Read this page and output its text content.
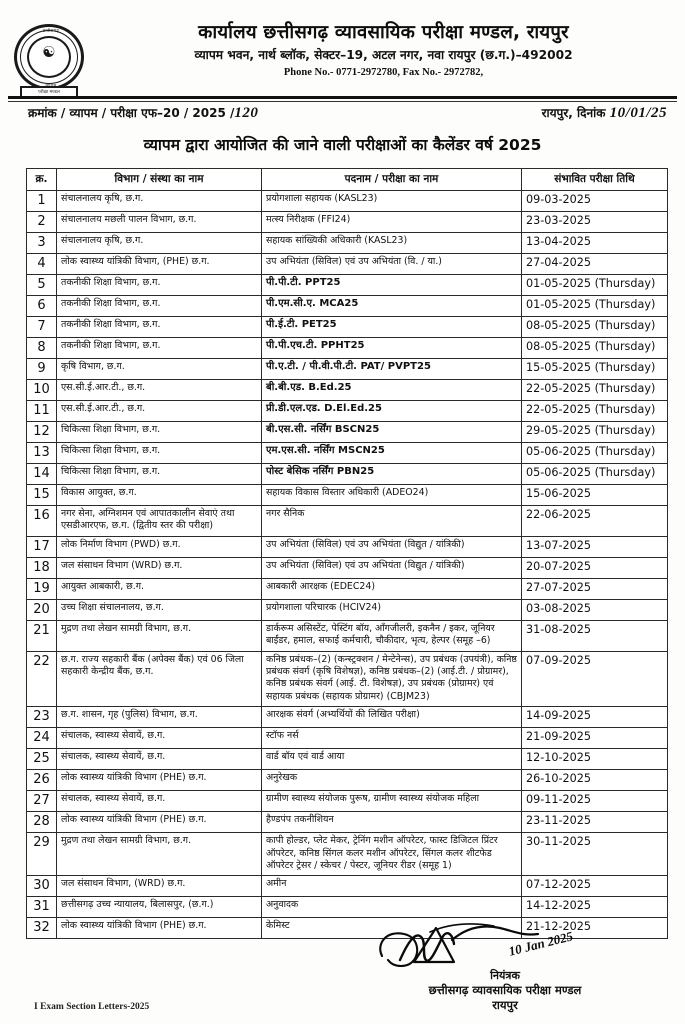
छत्तीसगढ़
☯
परीक्षा मण्डल
कार्यालय छत्तीसगढ़ व्यावसायिक परीक्षा मण्डल, रायपुर
व्यापम भवन, नार्थ ब्लॉक, सेक्टर–19, अटल नगर, नवा रायपुर (छ.ग.)–492002
Phone No.- 0771-2972780, Fax No.- 2972782,
क्रमांक / व्यापम / परीक्षा एफ–20 / 2025 /120	रायपुर, दिनांक 10/01/25
व्यापम द्वारा आयोजित की जाने वाली परीक्षाओं का कैलेंडर वर्ष 2025
क्र.	विभाग / संस्था का नाम	पदनाम / परीक्षा का नाम	संभावित परीक्षा तिथि
1	संचालनालय कृषि, छ.ग.	प्रयोगशाला सहायक (KASL23)	09-03-2025
2	संचालनालय मछली पालन विभाग, छ.ग.	मत्स्य निरीक्षक (FFI24)	23-03-2025
3	संचालनालय कृषि, छ.ग.	सहायक सांख्यिकी अधिकारी (KASL23)	13-04-2025
4	लोक स्वास्थ्य यांत्रिकी विभाग, (PHE) छ.ग.	उप अभियंता (सिविल) एवं उप अभियंता (वि. / या.)	27-04-2025
5	तकनीकी शिक्षा विभाग, छ.ग.	पी.पी.टी. PPT25	01-05-2025 (Thursday)
6	तकनीकी शिक्षा विभाग, छ.ग.	पी.एम.सी.ए. MCA25	01-05-2025 (Thursday)
7	तकनीकी शिक्षा विभाग, छ.ग.	पी.ई.टी. PET25	08-05-2025 (Thursday)
8	तकनीकी शिक्षा विभाग, छ.ग.	पी.पी.एच.टी. PPHT25	08-05-2025 (Thursday)
9	कृषि विभाग, छ.ग.	पी.ए.टी. / पी.वी.पी.टी. PAT/ PVPT25	15-05-2025 (Thursday)
10	एस.सी.ई.आर.टी., छ.ग.	बी.बी.एड. B.Ed.25	22-05-2025 (Thursday)
11	एस.सी.ई.आर.टी., छ.ग.	प्री.डी.एल.एड. D.El.Ed.25	22-05-2025 (Thursday)
12	चिकित्सा शिक्षा विभाग, छ.ग.	बी.एस.सी. नर्सिंग BSCN25	29-05-2025 (Thursday)
13	चिकित्सा शिक्षा विभाग, छ.ग.	एम.एस.सी. नर्सिंग MSCN25	05-06-2025 (Thursday)
14	चिकित्सा शिक्षा विभाग, छ.ग.	पोस्ट बेसिक नर्सिंग PBN25	05-06-2025 (Thursday)
15	विकास आयुक्त, छ.ग.	सहायक विकास विस्तार अधिकारी (ADEO24)	15-06-2025
16	नगर सेना, अग्निशमन एवं आपातकालीन सेवाएं तथा एसडीआरएफ, छ.ग. (द्वितीय स्तर की परीक्षा)	नगर सैनिक	22-06-2025
17	लोक निर्माण विभाग (PWD) छ.ग.	उप अभियंता (सिविल) एवं उप अभियंता (विद्युत / यांत्रिकी)	13-07-2025
18	जल संसाधन विभाग (WRD) छ.ग.	उप अभियंता (सिविल) एवं उप अभियंता (विद्युत / यांत्रिकी)	20-07-2025
19	आयुक्त आबकारी, छ.ग.	आबकारी आरक्षक (EDEC24)	27-07-2025
20	उच्च शिक्षा संचालनालय, छ.ग.	प्रयोगशाला परिचारक (HCIV24)	03-08-2025
21	मुद्रण तथा लेखन सामग्री विभाग, छ.ग.	डार्करूम असिस्टेंट, पेस्टिंग बॉय, ऑंगजीलरी, इकनैन / इकर, जूनियर बाईंडर, हमाल, सफाई कर्मचारी, चौकीदार, भृत्य, हेल्पर (समूह –6)	31-08-2025
22	छ.ग. राज्य सहकारी बैंक (अपेक्स बैंक) एवं 06 जिला सहकारी केन्द्रीय बैंक, छ.ग.	कनिष्ठ प्रबंधक–(2) (कन्स्ट्रक्शन / मेन्टेनेन्स), उप प्रबंधक (उपयंत्री), कनिष्ठ प्रबंधक संवर्ग (कृषि विशेषज्ञ), कनिष्ठ प्रबंधक–(2) (आई.टी. / प्रोग्रामर), कनिष्ठ प्रबंधक संवर्ग (आई. टी. विशेषज्ञ), उप प्रबंधक (प्रोग्रामर) एवं सहायक प्रबंधक (सहायक प्रोग्रामर) (CBJM23)	07-09-2025
23	छ.ग. शासन, गृह (पुलिस) विभाग, छ.ग.	आरक्षक संवर्ग (अभ्यर्थियों की लिखित परीक्षा)	14-09-2025
24	संचालक, स्वास्थ्य सेवायें, छ.ग.	स्टॉफ नर्स	21-09-2025
25	संचालक, स्वास्थ्य सेवायें, छ.ग.	वार्ड बॉय एवं वार्ड आया	12-10-2025
26	लोक स्वास्थ्य यांत्रिकी विभाग (PHE) छ.ग.	अनुरेखक	26-10-2025
27	संचालक, स्वास्थ्य सेवायें, छ.ग.	ग्रामीण स्वास्थ्य संयोजक पुरूष, ग्रामीण स्वास्थ्य संयोजक महिला	09-11-2025
28	लोक स्वास्थ्य यांत्रिकी विभाग (PHE) छ.ग.	हैण्डपंप तकनीशियन	23-11-2025
29	मुद्रण तथा लेखन सामग्री विभाग, छ.ग.	कापी होल्डर, प्लेट मेकर, ट्रेनिंग मशीन ऑपरेटर, फास्ट डिजिटल प्रिंटर ऑपरेटर, कनिष्ठ सिंगल कलर मशीन ऑपरेटर, सिंगल कलर शीटफेड ऑपरेटर ट्रेसर / स्केचर / पेस्टर, जूनियर रीडर (समूह 1)	30-11-2025
30	जल संसाधन विभाग, (WRD) छ.ग.	अमीन	07-12-2025
31	छत्तीसगढ़ उच्च न्यायालय, बिलासपुर, (छ.ग.)	अनुवादक	14-12-2025
32	लोक स्वास्थ्य यांत्रिकी विभाग (PHE) छ.ग.	केमिस्ट	21-12-2025
10 Jan 2025
नियंत्रक
छत्तीसगढ़ व्यावसायिक परीक्षा मण्डल
रायपुर
I Exam Section Letters-2025
